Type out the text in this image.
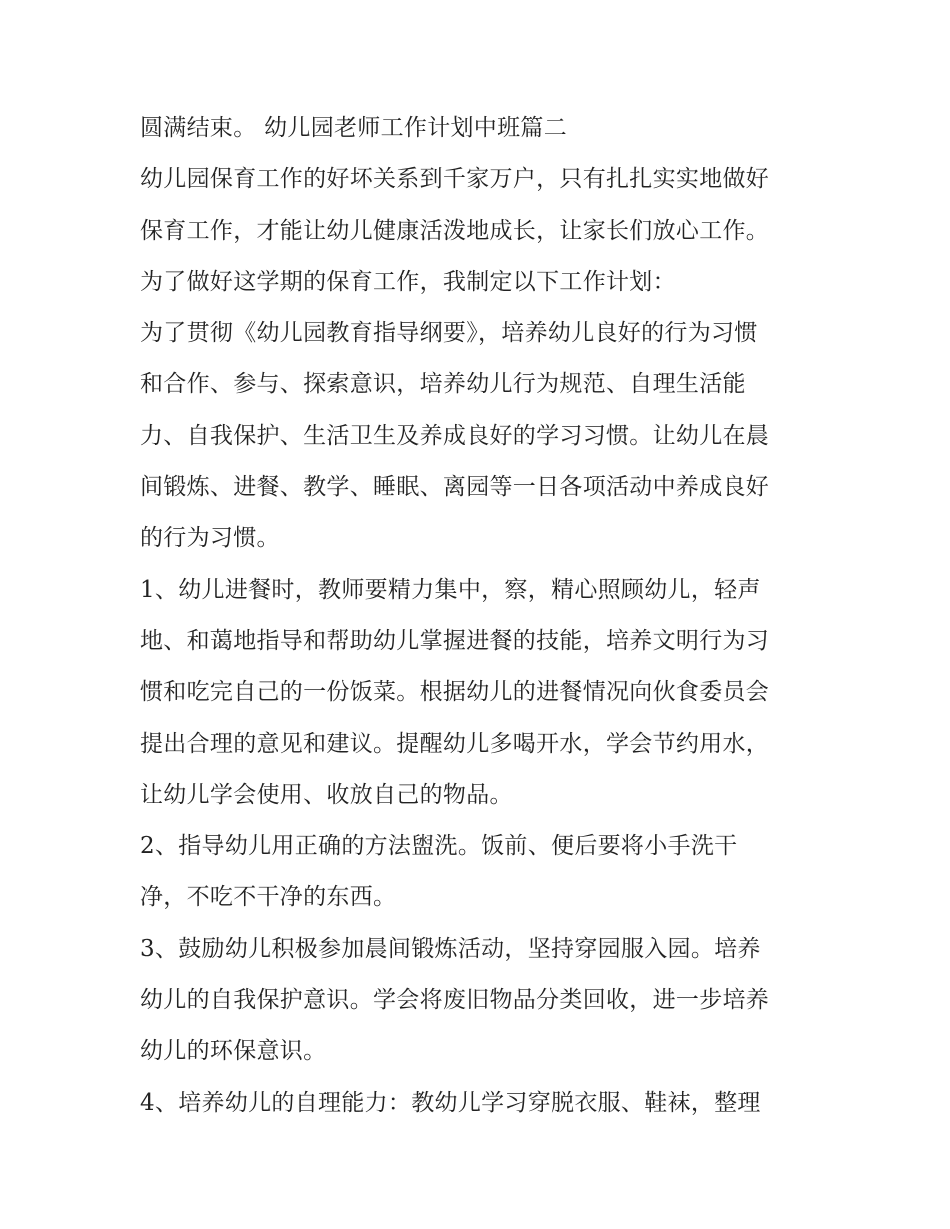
圆满结束。 幼儿园老师工作计划中班篇二
幼儿园保育工作的好坏关系到千家万户，只有扎扎实实地做好
保育工作，才能让幼儿健康活泼地成长，让家长们放心工作。
为了做好这学期的保育工作，我制定以下工作计划：
为了贯彻《幼儿园教育指导纲要》，培养幼儿良好的行为习惯
和合作、参与、探索意识，培养幼儿行为规范、自理生活能
力、自我保护、生活卫生及养成良好的学习习惯。让幼儿在晨
间锻炼、进餐、教学、睡眠、离园等一日各项活动中养成良好
的行为习惯。
1、幼儿进餐时，教师要精力集中，察，精心照顾幼儿，轻声
地、和蔼地指导和帮助幼儿掌握进餐的技能，培养文明行为习
惯和吃完自己的一份饭菜。根据幼儿的进餐情况向伙食委员会
提出合理的意见和建议。提醒幼儿多喝开水，学会节约用水，
让幼儿学会使用、收放自己的物品。
2、指导幼儿用正确的方法盥洗。饭前、便后要将小手洗干
净，不吃不干净的东西。
3、鼓励幼儿积极参加晨间锻炼活动，坚持穿园服入园。培养
幼儿的自我保护意识。学会将废旧物品分类回收，进一步培养
幼儿的环保意识。
4、培养幼儿的自理能力：教幼儿学习穿脱衣服、鞋袜，整理
